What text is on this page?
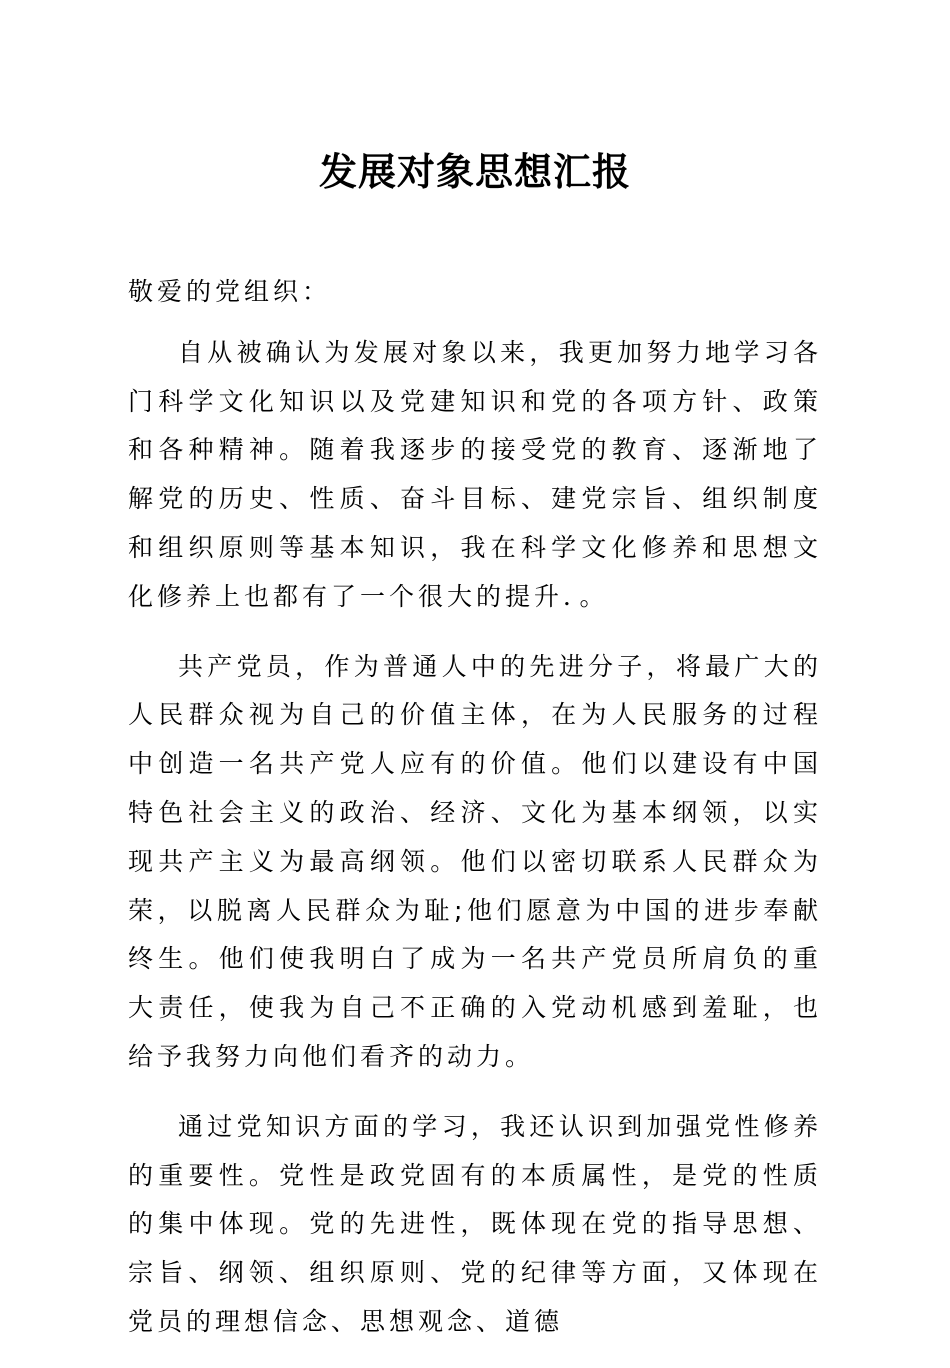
发展对象思想汇报

敬爱的党组织：

自从被确认为发展对象以来，我更加努力地学习各门科学文化知识以及党建知识和党的各项方针、政策和各种精神。随着我逐步的接受党的教育、逐渐地了解党的历史、性质、奋斗目标、建党宗旨、组织制度和组织原则等基本知识，我在科学文化修养和思想文化修养上也都有了一个很大的提升．。

共产党员，作为普通人中的先进分子，将最广大的人民群众视为自己的价值主体，在为人民服务的过程中创造一名共产党人应有的价值。他们以建设有中国特色社会主义的政治、经济、文化为基本纲领，以实现共产主义为最高纲领。他们以密切联系人民群众为荣，以脱离人民群众为耻;他们愿意为中国的进步奉献终生。他们使我明白了成为一名共产党员所肩负的重大责任，使我为自己不正确的入党动机感到羞耻，也给予我努力向他们看齐的动力。

通过党知识方面的学习，我还认识到加强党性修养的重要性。党性是政党固有的本质属性，是党的性质的集中体现。党的先进性，既体现在党的指导思想、宗旨、纲领、组织原则、党的纪律等方面，又体现在党员的理想信念、思想观念、道德
